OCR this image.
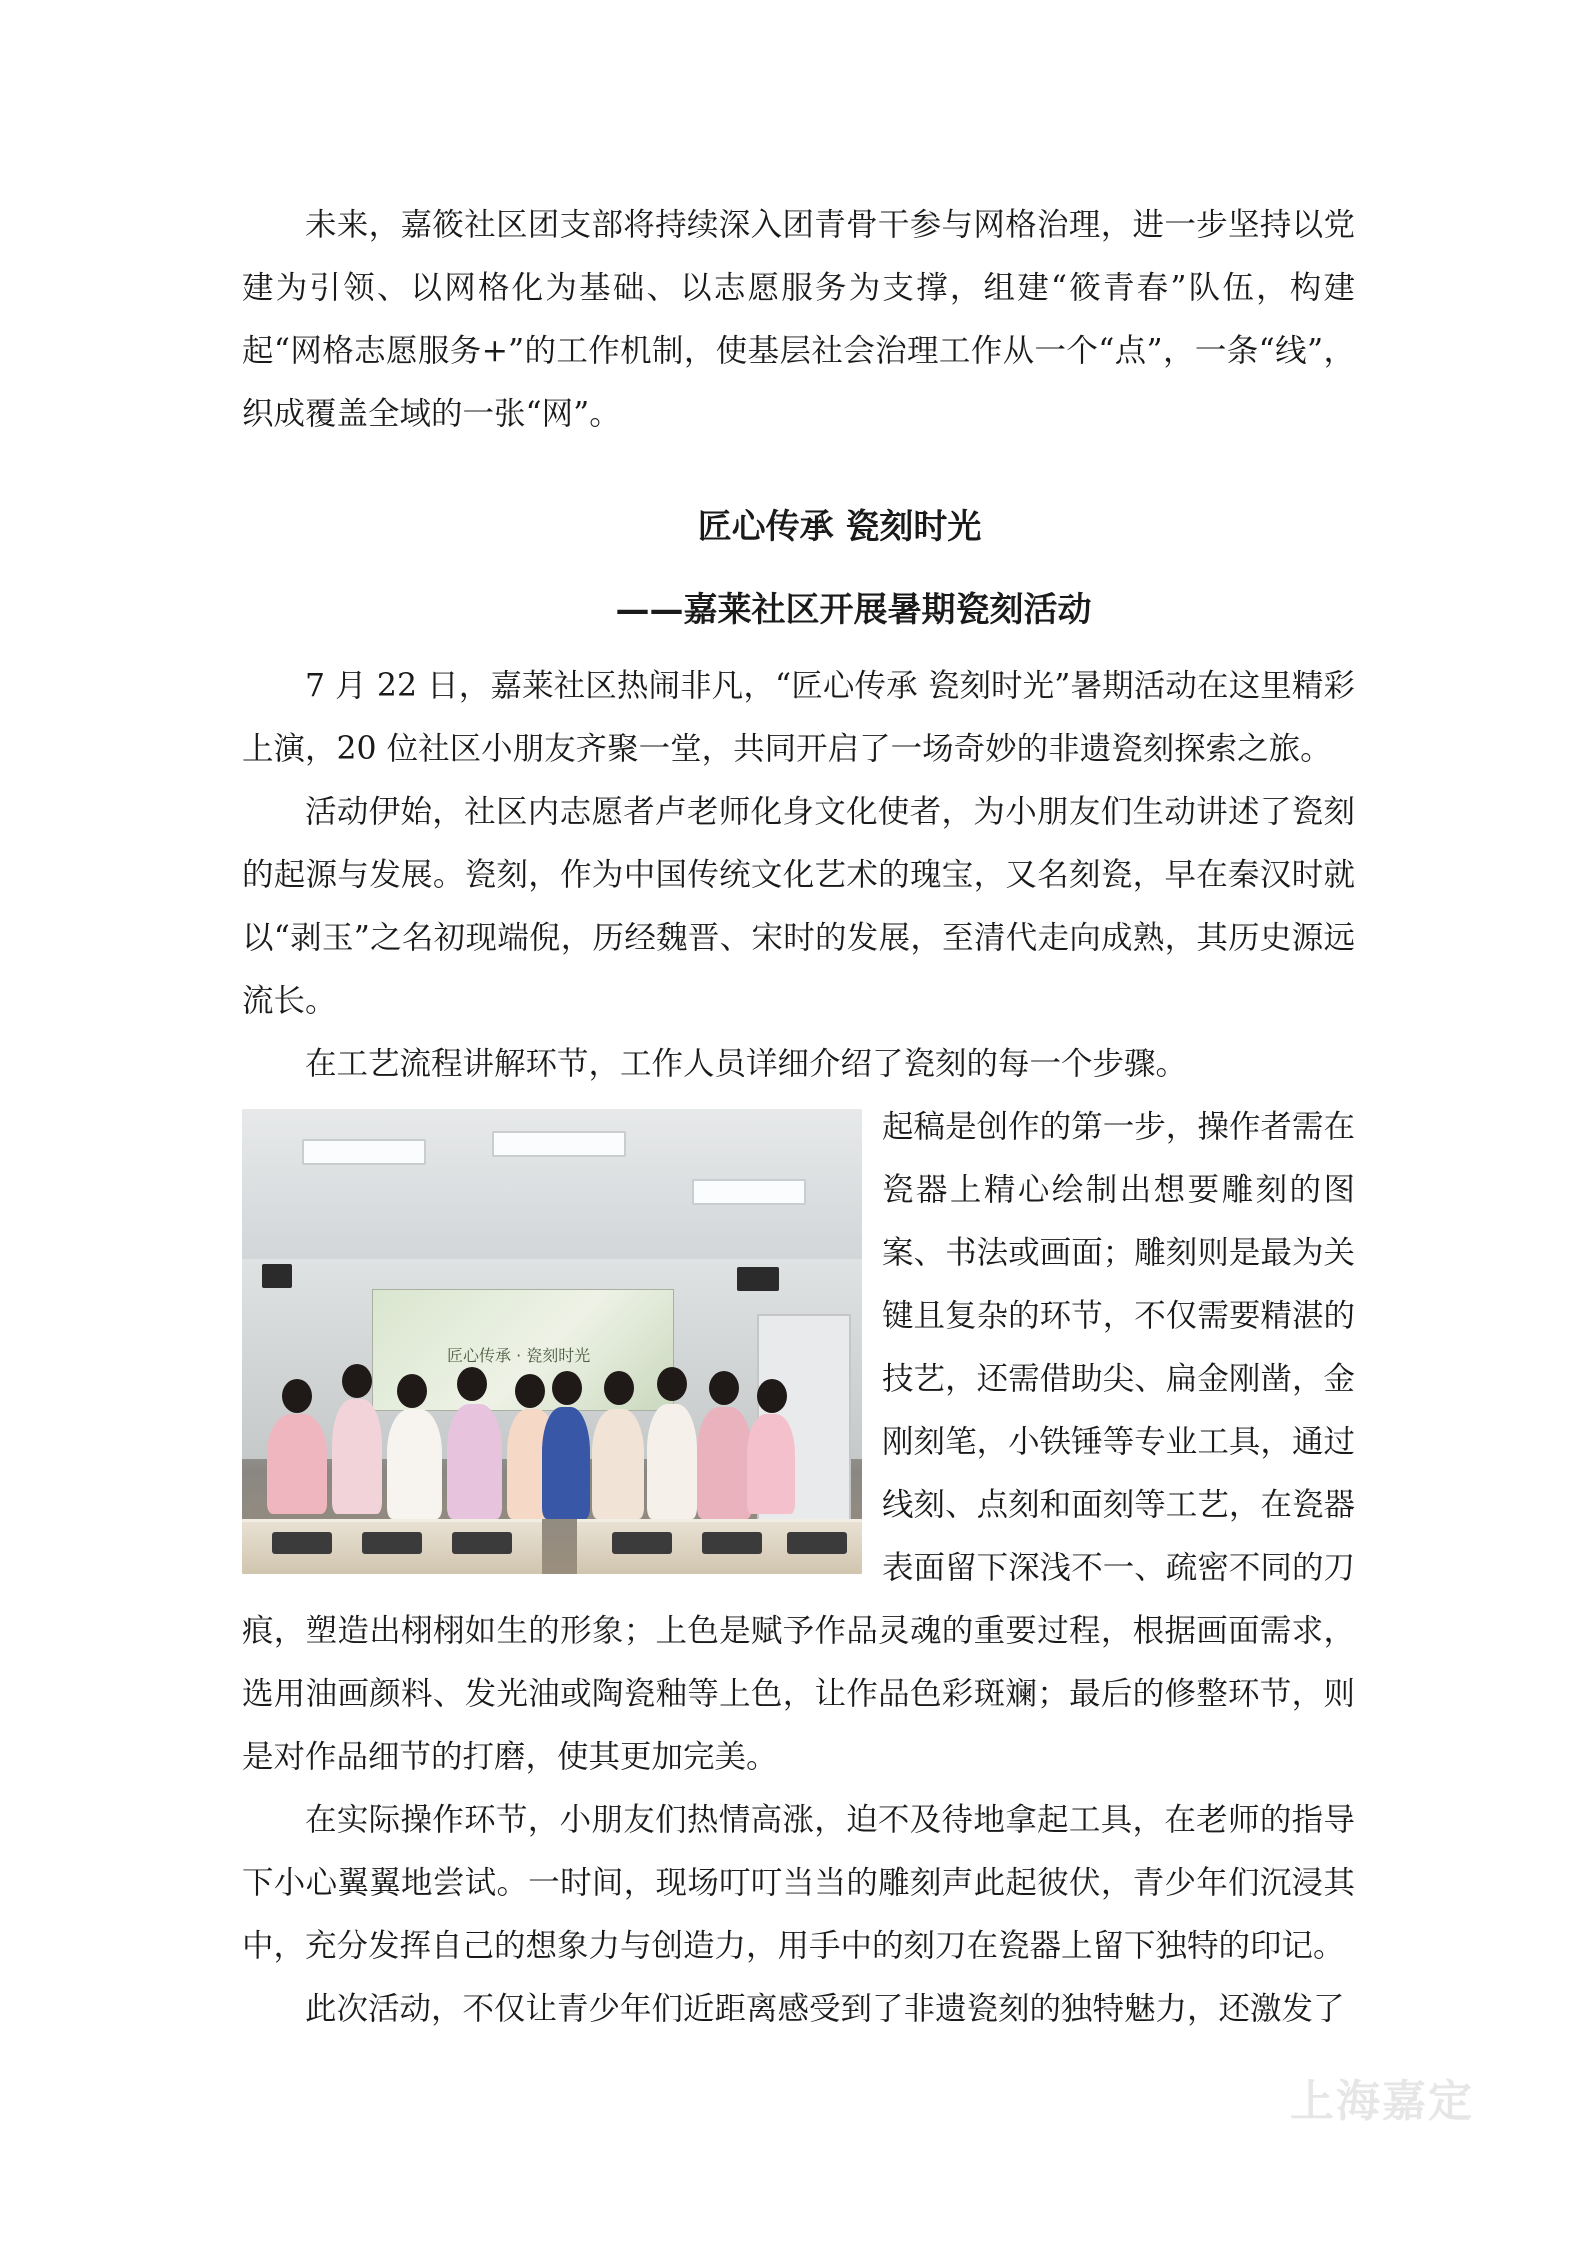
未来，嘉筱社区团支部将持续深入团青骨干参与网格治理，进一步坚持以党建为引领、以网格化为基础、以志愿服务为支撑，组建“筱青春”队伍，构建起“网格志愿服务+”的工作机制，使基层社会治理工作从一个“点”，一条“线”，织成覆盖全域的一张“网”。

匠心传承 瓷刻时光
——嘉莱社区开展暑期瓷刻活动

7 月 22 日，嘉莱社区热闹非凡，“匠心传承 瓷刻时光”暑期活动在这里精彩上演，20 位社区小朋友齐聚一堂，共同开启了一场奇妙的非遗瓷刻探索之旅。

活动伊始，社区内志愿者卢老师化身文化使者，为小朋友们生动讲述了瓷刻的起源与发展。瓷刻，作为中国传统文化艺术的瑰宝，又名刻瓷，早在秦汉时就以“剥玉”之名初现端倪，历经魏晋、宋时的发展，至清代走向成熟，其历史源远流长。

在工艺流程讲解环节，工作人员详细介绍了瓷刻的每一个步骤。

匠心传承 · 瓷刻时光

起稿是创作的第一步，操作者需在瓷器上精心绘制出想要雕刻的图案、书法或画面；雕刻则是最为关键且复杂的环节，不仅需要精湛的技艺，还需借助尖、扁金刚凿，金刚刻笔，小铁锤等专业工具，通过线刻、点刻和面刻等工艺，在瓷器表面留下深浅不一、疏密不同的刀痕，塑造出栩栩如生的形象；上色是赋予作品灵魂的重要过程，根据画面需求，选用油画颜料、发光油或陶瓷釉等上色，让作品色彩斑斓；最后的修整环节，则是对作品细节的打磨，使其更加完美。

在实际操作环节，小朋友们热情高涨，迫不及待地拿起工具，在老师的指导下小心翼翼地尝试。一时间，现场叮叮当当的雕刻声此起彼伏，青少年们沉浸其中，充分发挥自己的想象力与创造力，用手中的刻刀在瓷器上留下独特的印记。

此次活动，不仅让青少年们近距离感受到了非遗瓷刻的独特魅力，还激发了

上海嘉定
